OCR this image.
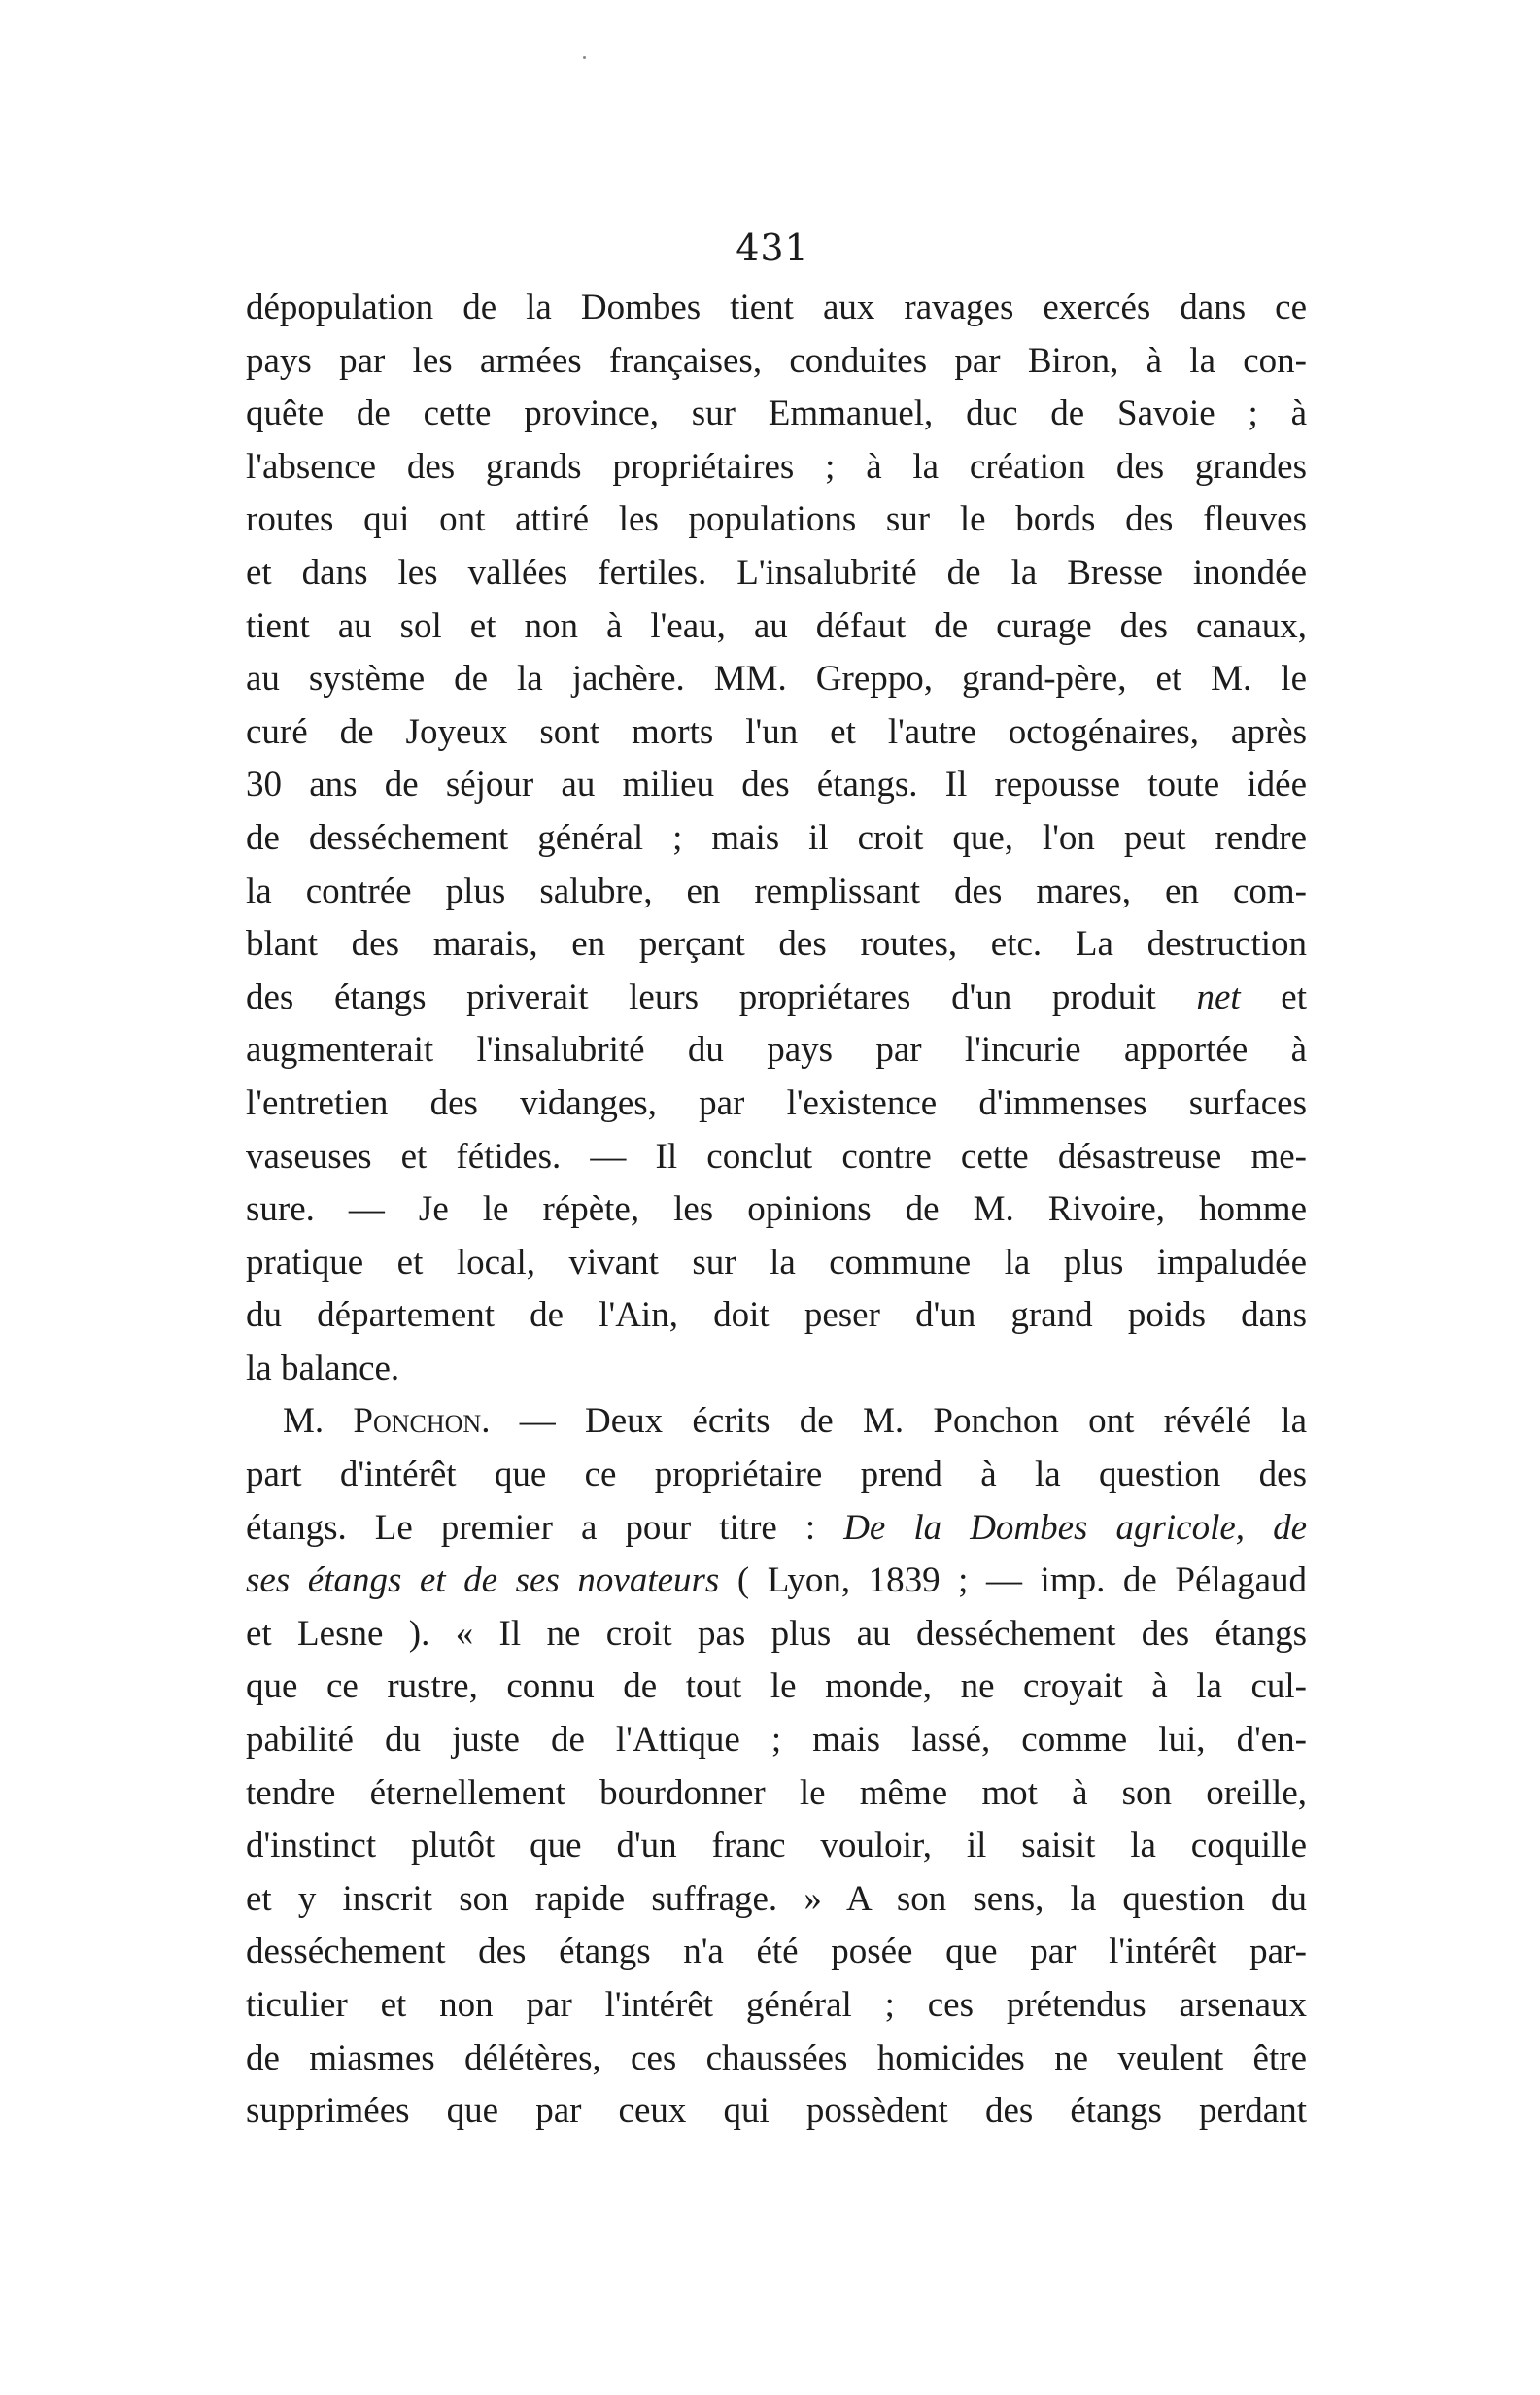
431
dépopulation de la Dombes tient aux ravages exercés dans ce
pays par les armées françaises, conduites par Biron, à la con-
quête de cette province, sur Emmanuel, duc de Savoie ; à
l'absence des grands propriétaires ; à la création des grandes
routes qui ont attiré les populations sur le bords des fleuves
et dans les vallées fertiles. L'insalubrité de la Bresse inondée
tient au sol et non à l'eau, au défaut de curage des canaux,
au système de la jachère. MM. Greppo, grand-père, et M. le
curé de Joyeux sont morts l'un et l'autre octogénaires, après
30 ans de séjour au milieu des étangs. Il repousse toute idée
de desséchement général ; mais il croit que, l'on peut rendre
la contrée plus salubre, en remplissant des mares, en com-
blant des marais, en perçant des routes, etc. La destruction
des étangs priverait leurs propriétares d'un produit net et
augmenterait l'insalubrité du pays par l'incurie apportée à
l'entretien des vidanges, par l'existence d'immenses surfaces
vaseuses et fétides. — Il conclut contre cette désastreuse me-
sure. — Je le répète, les opinions de M. Rivoire, homme
pratique et local, vivant sur la commune la plus impaludée
du département de l'Ain, doit peser d'un grand poids dans
la balance.
M. Ponchon. — Deux écrits de M. Ponchon ont révélé la
part d'intérêt que ce propriétaire prend à la question des
étangs. Le premier a pour titre : De la Dombes agricole, de
ses étangs et de ses novateurs ( Lyon, 1839 ; — imp. de Pélagaud
et Lesne ). « Il ne croit pas plus au desséchement des étangs
que ce rustre, connu de tout le monde, ne croyait à la cul-
pabilité du juste de l'Attique ; mais lassé, comme lui, d'en-
tendre éternellement bourdonner le même mot à son oreille,
d'instinct plutôt que d'un franc vouloir, il saisit la coquille
et y inscrit son rapide suffrage. » A son sens, la question du
desséchement des étangs n'a été posée que par l'intérêt par-
ticulier et non par l'intérêt général ; ces prétendus arsenaux
de miasmes délétères, ces chaussées homicides ne veulent être
supprimées que par ceux qui possèdent des étangs perdant
